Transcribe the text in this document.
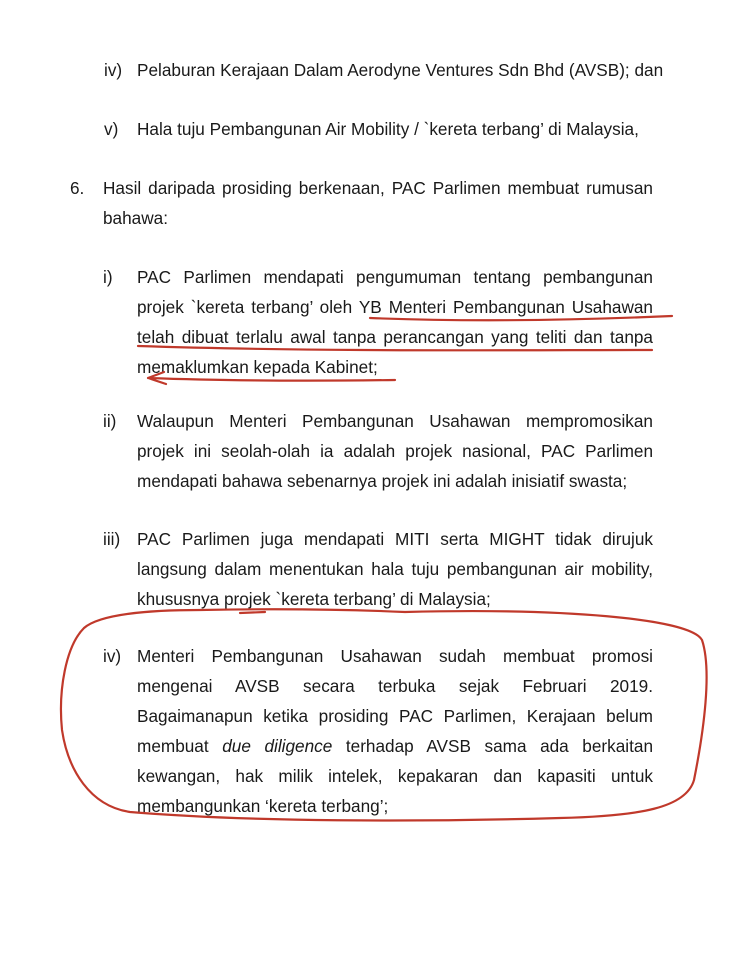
iv) Pelaburan Kerajaan Dalam Aerodyne Ventures Sdn Bhd (AVSB); dan
v) Hala tuju Pembangunan Air Mobility / `kereta terbang’ di Malaysia,
6. Hasil daripada prosiding berkenaan, PAC Parlimen membuat rumusan bahawa:
i) PAC Parlimen mendapati pengumuman tentang pembangunan projek `kereta terbang’ oleh YB Menteri Pembangunan Usahawan telah dibuat terlalu awal tanpa perancangan yang teliti dan tanpa memaklumkan kepada Kabinet;
ii) Walaupun Menteri Pembangunan Usahawan mempromosikan projek ini seolah-olah ia adalah projek nasional, PAC Parlimen mendapati bahawa sebenarnya projek ini adalah inisiatif swasta;
iii) PAC Parlimen juga mendapati MITI serta MIGHT tidak dirujuk langsung dalam menentukan hala tuju pembangunan air mobility, khususnya projek `kereta terbang’ di Malaysia;
iv) Menteri Pembangunan Usahawan sudah membuat promosi mengenai AVSB secara terbuka sejak Februari 2019. Bagaimanapun ketika prosiding PAC Parlimen, Kerajaan belum membuat due diligence terhadap AVSB sama ada berkaitan kewangan, hak milik intelek, kepakaran dan kapasiti untuk membangunkan ‘kereta terbang’;
